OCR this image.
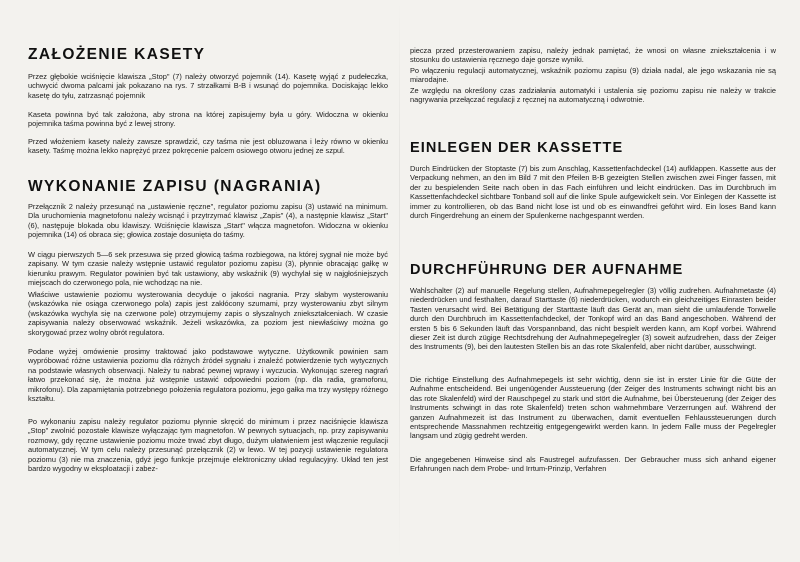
ZAŁOŻENIE KASETY

Przez głębokie wciśnięcie klawisza „Stop" (7) należy otworzyć pojemnik (14). Kasetę wyjąć z pudełeczka, uchwycić dwoma palcami jak pokazano na rys. 7 strzałkami B-B i wsunąć do pojemnika. Dociskając lekko kasetę do tyłu, zatrzasnąć pojemnik

Kaseta powinna być tak założona, aby strona na której zapisujemy była u góry. Widoczna w okienku pojemnika taśma powinna być z lewej strony.

Przed włożeniem kasety należy zawsze sprawdzić, czy taśma nie jest obluzowana i leży równo w okienku kasety. Taśmę można lekko naprężyć przez pokręcenie palcem osiowego otworu jednej ze szpul.

WYKONANIE ZAPISU (NAGRANIA)

Przełącznik 2 należy przesunąć na „ustawienie ręczne", regulator poziomu zapisu (3) ustawić na minimum. Dla uruchomienia magnetofonu należy wcisnąć i przytrzymać klawisz „Zapis" (4), a następnie klawisz „Start" (6), następuje blokada obu klawiszy. Wciśnięcie klawisza „Start" włącza magnetofon. Widoczna w okienku pojemnika (14) oś obraca się; głowica zostaje dosunięta do taśmy.

W ciągu pierwszych 5—6 sek przesuwa się przed głowicą taśma rozbiegowa, na której sygnał nie może być zapisany. W tym czasie należy wstępnie ustawić regulator poziomu zapisu (3), płynnie obracając gałkę w kierunku prawym. Regulator powinien być tak ustawiony, aby wskaźnik (9) wychylał się w najgłośniejszych miejscach do czerwonego pola, nie wchodząc na nie.

Właściwe ustawienie poziomu wysterowania decyduje o jakości nagrania. Przy słabym wysterowaniu (wskazówka nie osiąga czerwonego pola) zapis jest zakłócony szumami, przy wysterowaniu zbyt silnym (wskazówka wychyla się na czerwone pole) otrzymujemy zapis o słyszalnych zniekształceniach. W czasie zapisywania należy obserwować wskaźnik. Jeżeli wskazówka, za poziom jest niewłaściwy można go skorygować przez wolny obrót regulatora.

Podane wyżej omówienie prosimy traktować jako podstawowe wytyczne. Użytkownik powinien sam wypróbować różne ustawienia poziomu dla różnych źródeł sygnału i znaleźć potwierdzenie tych wytycznych na podstawie własnych obserwacji. Należy tu nabrać pewnej wprawy i wyczucia. Wykonując szereg nagrań łatwo przekonać się, że można już wstępnie ustawić odpowiedni poziom (np. dla radia, gramofonu, mikrofonu). Dla zapamiętania potrzebnego położenia regulatora poziomu, jego gałka ma trzy występy różnego kształtu.

Po wykonaniu zapisu należy regulator poziomu płynnie skręcić do minimum i przez naciśnięcie klawisza „Stop" zwolnić pozostałe klawisze wyłączając tym magnetofon. W pewnych sytuacjach, np. przy zapisywaniu rozmowy, gdy ręczne ustawienie poziomu może trwać zbyt długo, dużym ułatwieniem jest włączenie regulacji automatycznej. W tym celu należy przesunąć przełącznik (2) w lewo. W tej pozycji ustawienie regulatora poziomu (3) nie ma znaczenia, gdyż jego funkcje przejmuje elektroniczny układ regulacyjny. Układ ten jest bardzo wygodny w eksploatacji i zabez-

piecza przed przesterowaniem zapisu, należy jednak pamiętać, że wnosi on własne zniekształcenia i w stosunku do ustawienia ręcznego daje gorsze wyniki.

Po włączeniu regulacji automatycznej, wskaźnik poziomu zapisu (9) działa nadal, ale jego wskazania nie są miarodajne.

Ze względu na określony czas zadziałania automatyki i ustalenia się poziomu zapisu nie należy w trakcie nagrywania przełączać regulacji z ręcznej na automatyczną i odwrotnie.

EINLEGEN DER KASSETTE

Durch Eindrücken der Stoptaste (7) bis zum Anschlag, Kassettenfachdeckel (14) aufklappen. Kassette aus der Verpackung nehmen, an den im Bild 7 mit den Pfeilen B-B gezeigten Stellen zwischen zwei Finger fassen, mit der zu bespielenden Seite nach oben in das Fach einführen und leicht eindrücken. Das im Durchbruch im Kassettenfachdeckel sichtbare Tonband soll auf die linke Spule aufgewickelt sein. Vor Einlegen der Kassette ist immer zu kontrollieren, ob das Band nicht lose ist und ob es einwandfrei geführt wird. Ein loses Band kann durch Fingerdrehung an einem der Spulenkerne nachgespannt werden.

DURCHFÜHRUNG DER AUFNAHME

Wahlschalter (2) auf manuelle Regelung stellen, Aufnahmepegelregler (3) völlig zudrehen. Aufnahmetaste (4) niederdrücken und festhalten, darauf Starttaste (6) niederdrücken, wodurch ein gleichzeitiges Einrasten beider Tasten verursacht wird. Bei Betätigung der Starttaste läuft das Gerät an, man sieht die umlaufende Tonwelle durch den Durchbruch im Kassettenfachdeckel, der Tonkopf wird an das Band angeschoben. Während der ersten 5 bis 6 Sekunden läuft das Vorspannband, das nicht bespielt werden kann, am Kopf vorbei. Während dieser Zeit ist durch zügige Rechtsdrehung der Aufnahmepegelregler (3) soweit aufzudrehen, dass der Zeiger des Instruments (9), bei den lautesten Stellen bis an das rote Skalenfeld, aber nicht darüber, ausschwingt.

Die richtige Einstellung des Aufnahmepegels ist sehr wichtig, denn sie ist in erster Linie für die Güte der Aufnahme entscheidend. Bei ungenügender Aussteuerung (der Zeiger des Instruments schwingt nicht bis an das rote Skalenfeld) wird der Rauschpegel zu stark und stört die Aufnahme, bei Übersteuerung (der Zeiger des Instruments schwingt in das rote Skalenfeld) treten schon wahrnehmbare Verzerrungen auf. Während der ganzen Aufnahmezeit ist das Instrument zu überwachen, damit eventuellen Fehlaussteuerungen durch entsprechende Massnahmen rechtzeitig entgegengewirkt werden kann. In jedem Falle muss der Pegelregler langsam und zügig gedreht werden.

Die angegebenen Hinweise sind als Faustregel aufzufassen. Der Gebraucher muss sich anhand eigener Erfahrungen nach dem Probe- und Irrtum-Prinzip, Verfahren
